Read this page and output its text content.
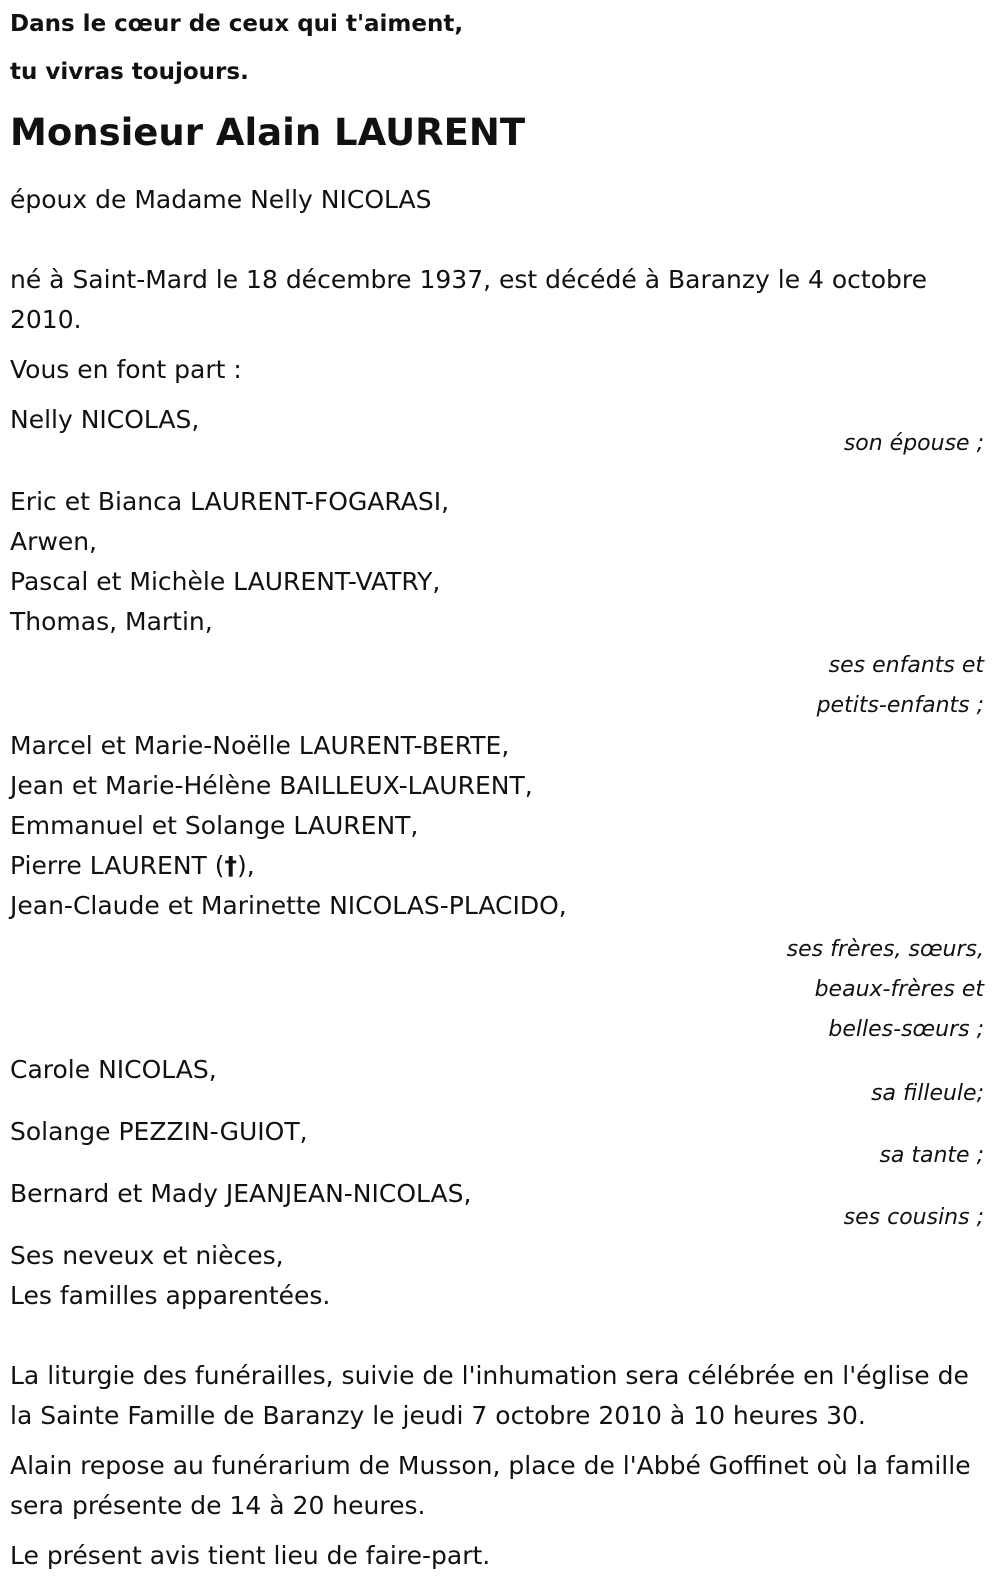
Dans le cœur de ceux qui t'aiment,
tu vivras toujours.
Monsieur Alain LAURENT
époux de Madame Nelly NICOLAS
né à Saint-Mard le 18 décembre 1937, est décédé à Baranzy le 4 octobre 2010.
Vous en font part :
Nelly NICOLAS,
son épouse ;
Eric et Bianca LAURENT-FOGARASI,
Arwen,
Pascal et Michèle LAURENT-VATRY,
Thomas, Martin,
ses enfants et
petits-enfants ;
Marcel et Marie-Noëlle LAURENT-BERTE,
Jean et Marie-Hélène BAILLEUX-LAURENT,
Emmanuel et Solange LAURENT,
Pierre LAURENT (†),
Jean-Claude et Marinette NICOLAS-PLACIDO,
ses frères, sœurs,
beaux-frères et
belles-sœurs ;
Carole NICOLAS,
sa filleule;
Solange PEZZIN-GUIOT,
sa tante ;
Bernard et Mady JEANJEAN-NICOLAS,
ses cousins ;
Ses neveux et nièces,
Les familles apparentées.
La liturgie des funérailles, suivie de l'inhumation sera célébrée en l'église de la Sainte Famille de Baranzy le jeudi 7 octobre 2010 à 10 heures 30.
Alain repose au funérarium de Musson, place de l'Abbé Goffinet où la famille sera présente de 14 à 20 heures.
Le présent avis tient lieu de faire-part.
